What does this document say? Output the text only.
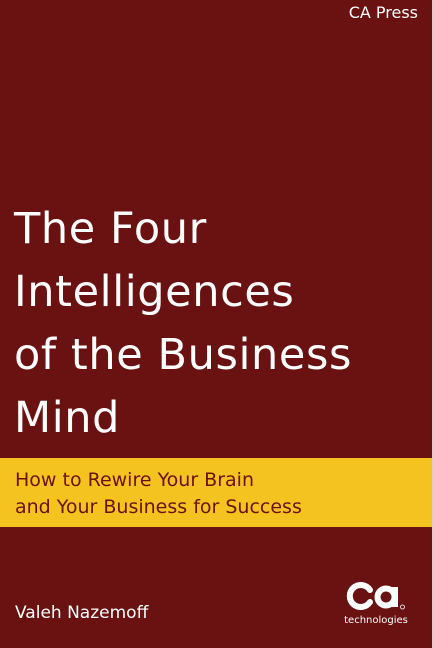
CA Press
The Four
Intelligences
of the Business
Mind

How to Rewire Your Brain
and Your Business for Success

Valeh Nazemoff	technologies
